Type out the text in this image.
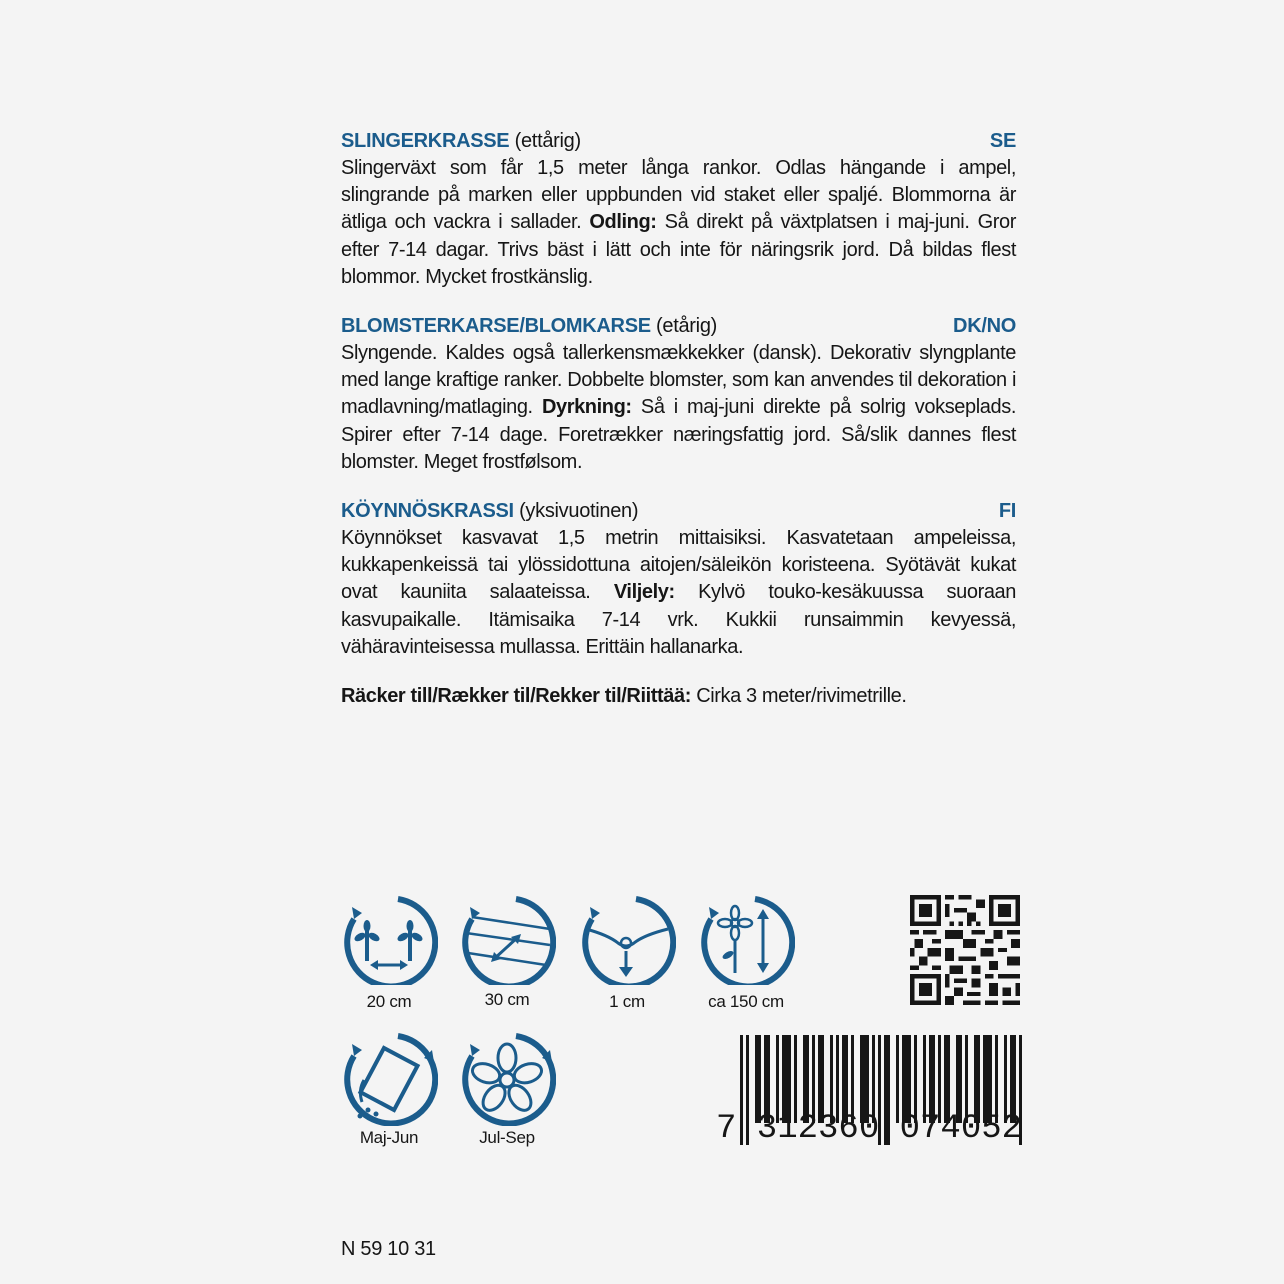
SLINGERKRASSE (ettårig)	SE
Slingerväxt som får 1,5 meter långa rankor. Odlas hängande i ampel, slingrande på marken eller uppbunden vid staket eller spaljé. Blommorna är ätliga och vackra i sallader. Odling: Så direkt på växtplatsen i maj-juni. Gror efter 7-14 dagar. Trivs bäst i lätt och inte för näringsrik jord. Då bildas flest blommor. Mycket frostkänslig.
BLOMSTERKARSE/BLOMKARSE (etårig)	DK/NO
Slyngende. Kaldes også tallerkensmækkekker (dansk). Dekorativ slyngplante med lange kraftige ranker. Dobbelte blomster, som kan anvendes til dekoration i madlavning/matlaging. Dyrkning: Så i maj-juni direkte på solrig vokseplads. Spirer efter 7-14 dage. Foretrækker næringsfattig jord. Så/slik dannes flest blomster. Meget frostfølsom.
KÖYNNÖSKRASSI (yksivuotinen)	FI
Köynnökset kasvavat 1,5 metrin mittaisiksi. Kasvatetaan ampeleissa, kukkapenkeissä tai ylössidottuna aitojen/säleikön koristeena. Syötävät kukat ovat kauniita salaateissa. Viljely: Kylvö touko-kesäkuussa suoraan kasvupaikalle. Itämisaika 7-14 vrk. Kukkii runsaimmin kevyessä, vähäravinteisessa mullassa. Erittäin hallanarka.
Räcker till/Rækker til/Rekker til/Riittää: Cirka 3 meter/rivimetrille.
20 cm	30 cm	1 cm	ca 150 cm
Maj-Jun	Jul-Sep	7 312360 074052
N 59 10 31
